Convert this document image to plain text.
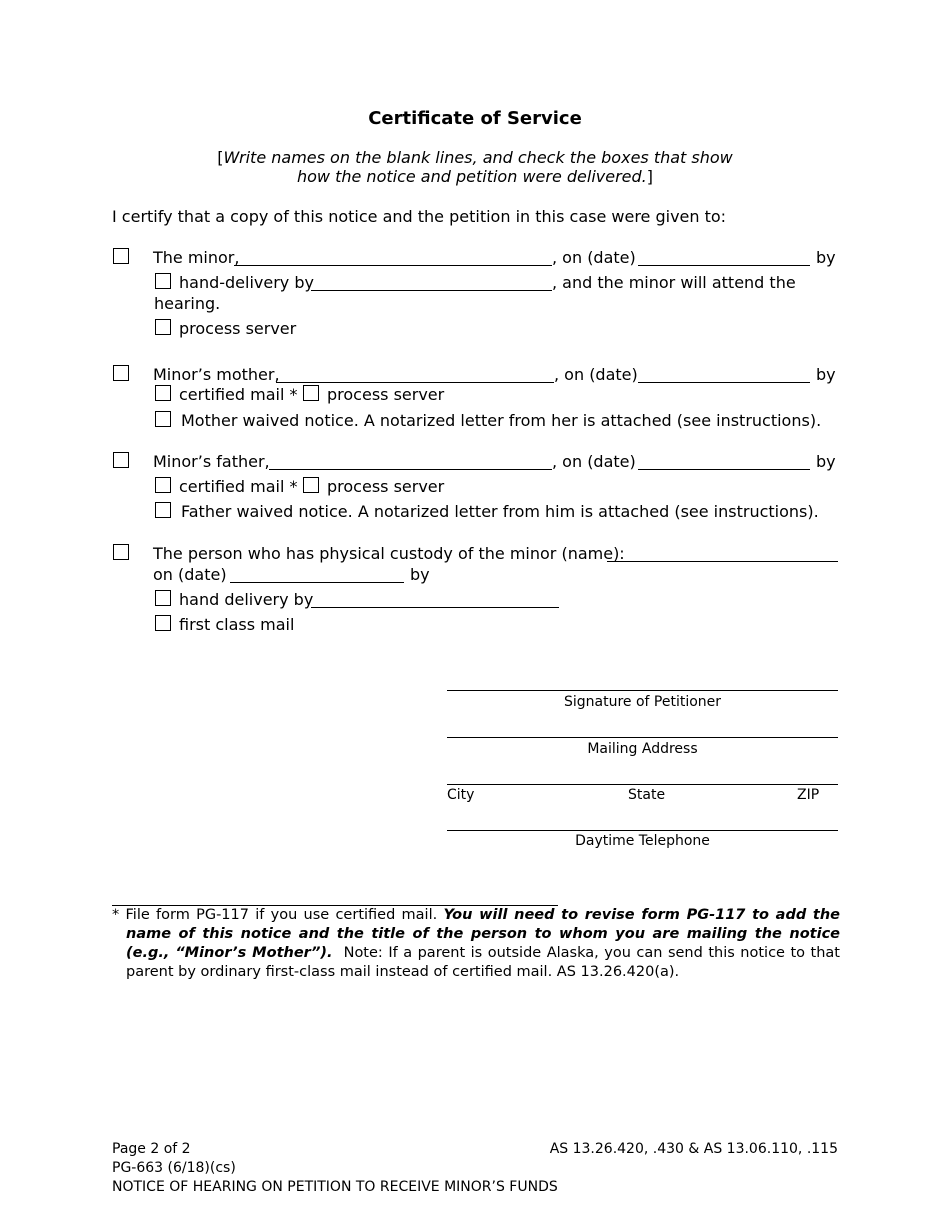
Certificate of Service
[Write names on the blank lines, and check the boxes that show
how the notice and petition were delivered.]
I certify that a copy of this notice and the petition in this case were given to:
The minor,	, on (date)	by
hand-delivery by	, and the minor will attend the
hearing.
process server
Minor’s mother,	, on (date)	by
certified mail * process server
Mother waived notice. A notarized letter from her is attached (see instructions).
Minor’s father,	, on (date)	by
certified mail * process server
Father waived notice. A notarized letter from him is attached (see instructions).
The person who has physical custody of the minor (name):
on (date)	by
hand delivery by
first class mail
Signature of Petitioner
Mailing Address
City	State	ZIP
Daytime Telephone

* File form PG-117 if you use certified mail. You will need to revise form PG-117 to add the name of this notice and the title of the person to whom you are mailing the notice (e.g., “Minor’s Mother”). Note: If a parent is outside Alaska, you can send this notice to that parent by ordinary first-class mail instead of certified mail. AS 13.26.420(a).

Page 2 of 2	AS 13.26.420, .430 & AS 13.06.110, .115
PG-663 (6/18)(cs)
NOTICE OF HEARING ON PETITION TO RECEIVE MINOR’S FUNDS
